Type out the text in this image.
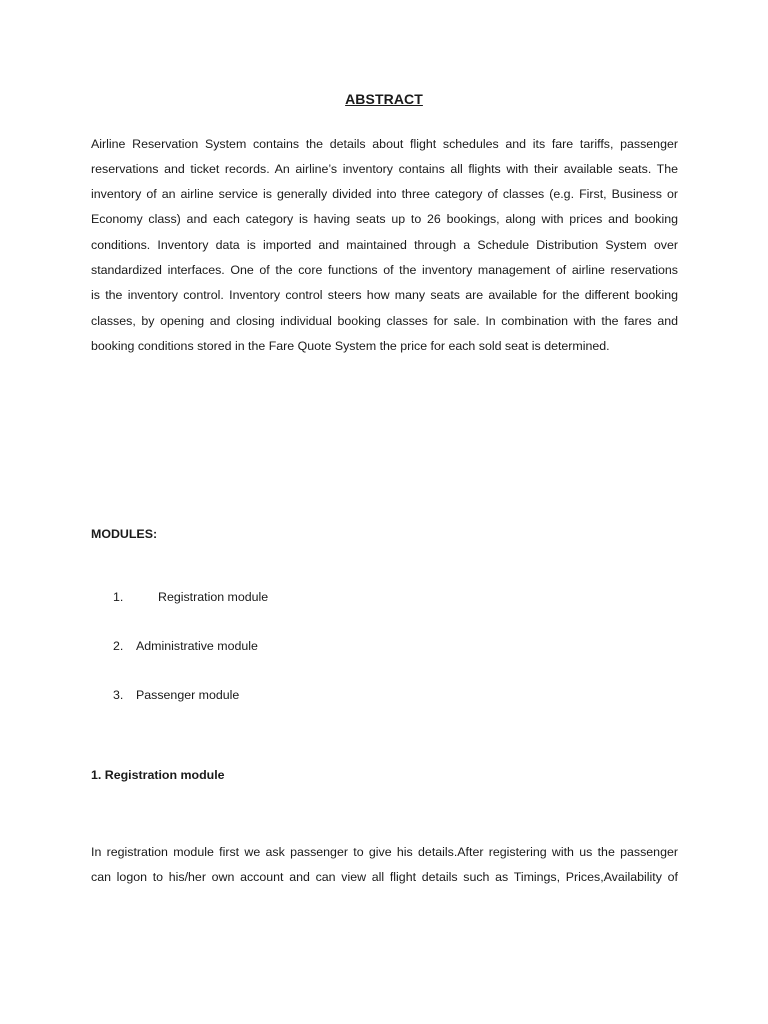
ABSTRACT
Airline Reservation System contains the details about flight schedules and its fare tariffs, passenger
reservations and ticket records. An airline’s inventory contains all flights with their available seats. The
inventory of an airline service is generally divided into three category of classes (e.g. First, Business or
Economy class) and each category is having seats up to 26 bookings, along with prices and booking
conditions. Inventory data is imported and maintained through a Schedule Distribution System over
standardized interfaces. One of the core functions of the inventory management of airline reservations
is the inventory control. Inventory control steers how many seats are available for the different booking
classes, by opening and closing individual booking classes for sale. In combination with the fares and
booking conditions stored in the Fare Quote System the price for each sold seat is determined.
MODULES:
1.	Registration module
2. Administrative module
3. Passenger module
1. Registration module
In registration module first we ask passenger to give his details.After registering with us the passenger
can logon to his/her own account and can view all flight details such as Timings, Prices,Availability of
